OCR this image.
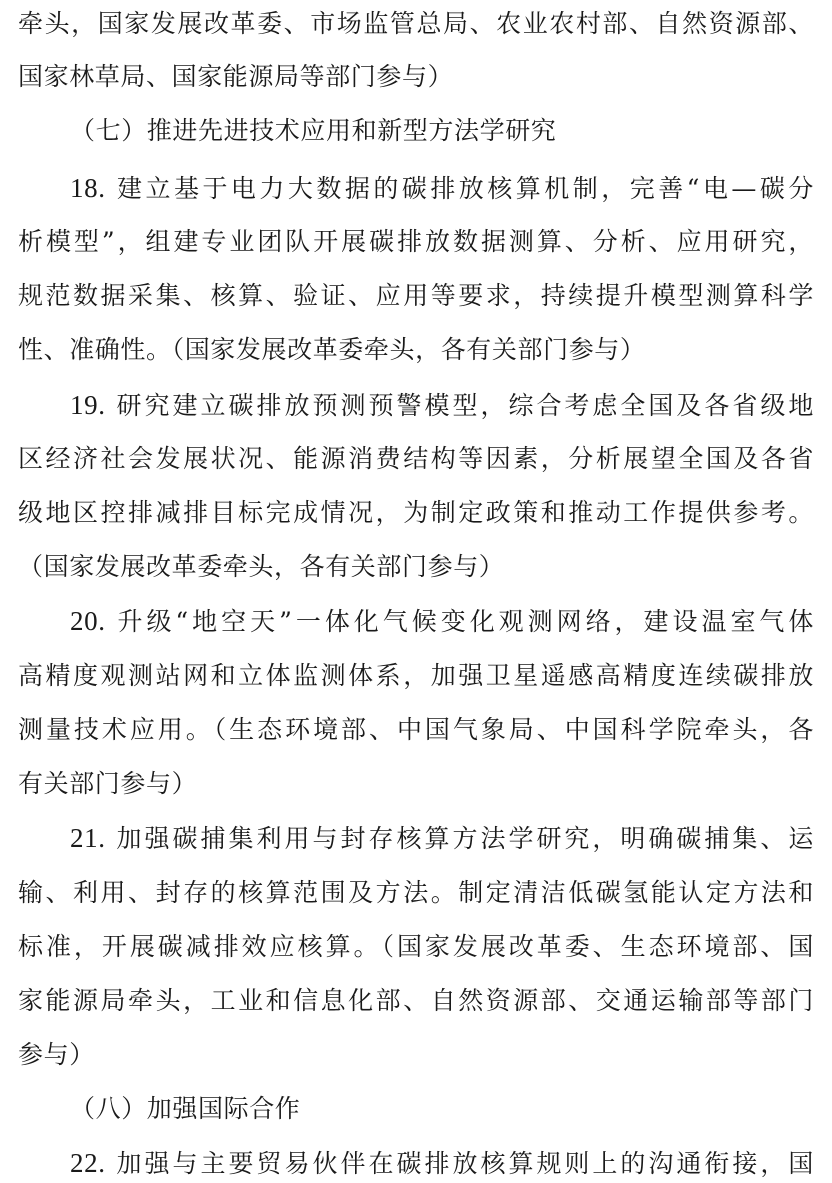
牵头，国家发展改革委、市场监管总局、农业农村部、自然资源部、
国家林草局、国家能源局等部门参与）
（七）推进先进技术应用和新型方法学研究
18. 建立基于电力大数据的碳排放核算机制，完善“电—碳分
析模型”，组建专业团队开展碳排放数据测算、分析、应用研究，
规范数据采集、核算、验证、应用等要求，持续提升模型测算科学
性、准确性。（国家发展改革委牵头，各有关部门参与）
19. 研究建立碳排放预测预警模型，综合考虑全国及各省级地
区经济社会发展状况、能源消费结构等因素，分析展望全国及各省
级地区控排减排目标完成情况，为制定政策和推动工作提供参考。
（国家发展改革委牵头，各有关部门参与）
20. 升级“地空天”一体化气候变化观测网络，建设温室气体
高精度观测站网和立体监测体系，加强卫星遥感高精度连续碳排放
测量技术应用。（生态环境部、中国气象局、中国科学院牵头，各
有关部门参与）
21. 加强碳捕集利用与封存核算方法学研究，明确碳捕集、运
输、利用、封存的核算范围及方法。制定清洁低碳氢能认定方法和
标准，开展碳减排效应核算。（国家发展改革委、生态环境部、国
家能源局牵头，工业和信息化部、自然资源部、交通运输部等部门
参与）
（八）加强国际合作
22. 加强与主要贸易伙伴在碳排放核算规则上的沟通衔接，国
